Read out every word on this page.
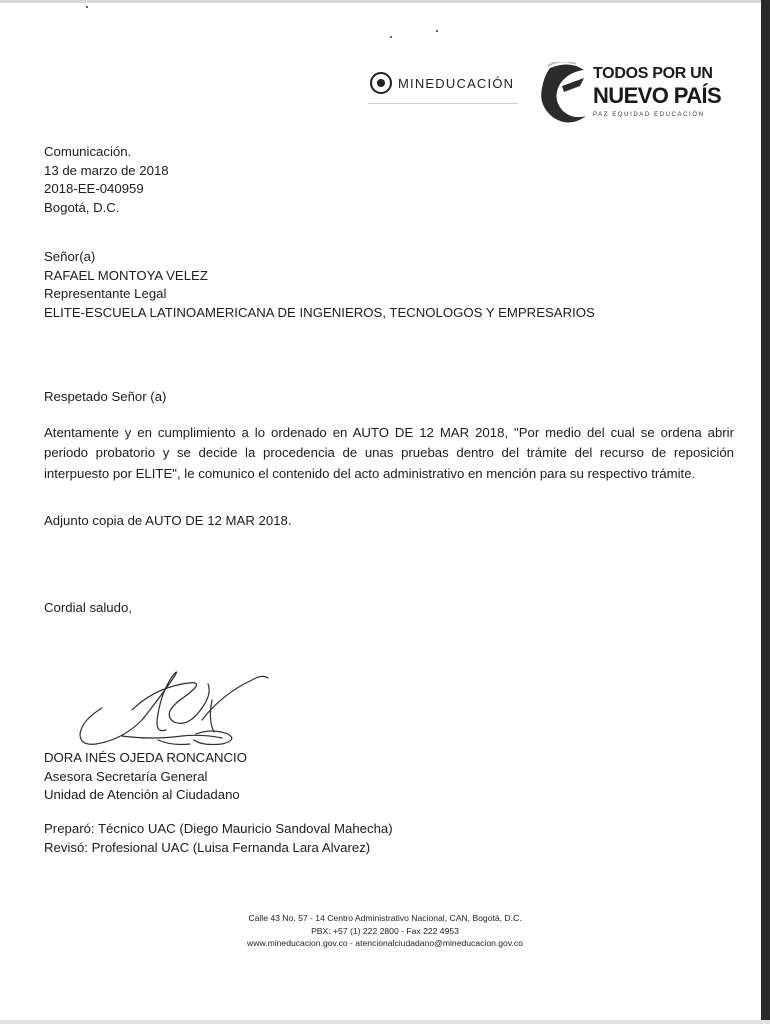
MINEDUCACIÓN
TODOS POR UN
NUEVO PAÍS
PAZ EQUIDAD EDUCACIÓN
Comunicación.
13 de marzo de 2018
2018-EE-040959
Bogotá, D.C.
Señor(a)
RAFAEL MONTOYA VELEZ
Representante Legal
ELITE-ESCUELA LATINOAMERICANA DE INGENIEROS, TECNOLOGOS Y EMPRESARIOS
Respetado Señor (a)
Atentamente y en cumplimiento a lo ordenado en AUTO DE 12 MAR 2018, "Por medio del cual se ordena abrir periodo probatorio y se decide la procedencia de unas pruebas dentro del trámite del recurso de reposición interpuesto por ELITE", le comunico el contenido del acto administrativo en mención para su respectivo trámite.
Adjunto copia de AUTO DE 12 MAR 2018.
Cordial saludo,
DORA INÉS OJEDA RONCANCIO
Asesora Secretaría General
Unidad de Atención al Ciudadano
Preparó: Técnico UAC (Diego Mauricio Sandoval Mahecha)
Revisó: Profesional UAC (Luisa Fernanda Lara Alvarez)
Calle 43 No. 57 - 14 Centro Administrativo Nacional, CAN, Bogotá, D.C.
PBX: +57 (1) 222 2800 - Fax 222 4953
www.mineducacion.gov.co - atencionalciudadano@mineducacion.gov.co
